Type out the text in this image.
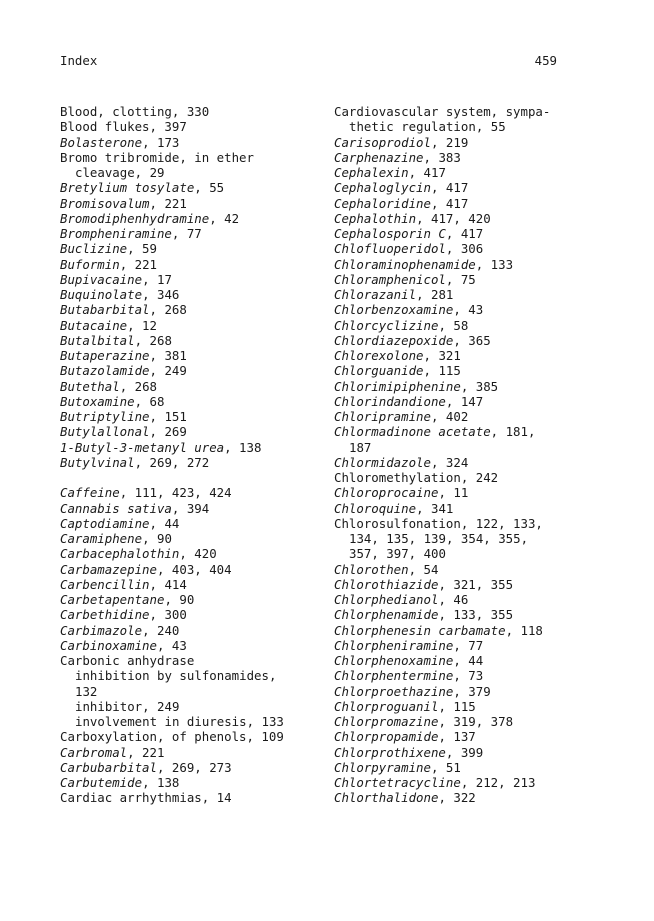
Index	459
Blood, clotting, 330
Blood flukes, 397
Bolasterone, 173
Bromo tribromide, in ether
cleavage, 29
Bretylium tosylate, 55
Bromisovalum, 221
Bromodiphenhydramine, 42
Brompheniramine, 77
Buclizine, 59
Buformin, 221
Bupivacaine, 17
Buquinolate, 346
Butabarbital, 268
Butacaine, 12
Butalbital, 268
Butaperazine, 381
Butazolamide, 249
Butethal, 268
Butoxamine, 68
Butriptyline, 151
Butylallonal, 269
1-Butyl-3-metanyl urea, 138
Butylvinal, 269, 272
Caffeine, 111, 423, 424
Cannabis sativa, 394
Captodiamine, 44
Caramiphene, 90
Carbacephalothin, 420
Carbamazepine, 403, 404
Carbencillin, 414
Carbetapentane, 90
Carbethidine, 300
Carbimazole, 240
Carbinoxamine, 43
Carbonic anhydrase
inhibition by sulfonamides,
132
inhibitor, 249
involvement in diuresis, 133
Carboxylation, of phenols, 109
Carbromal, 221
Carbubarbital, 269, 273
Carbutemide, 138
Cardiac arrhythmias, 14
Cardiovascular system, sympa-
thetic regulation, 55
Carisoprodiol, 219
Carphenazine, 383
Cephalexin, 417
Cephaloglycin, 417
Cephaloridine, 417
Cephalothin, 417, 420
Cephalosporin C, 417
Chlofluoperidol, 306
Chloraminophenamide, 133
Chloramphenicol, 75
Chlorazanil, 281
Chlorbenzoxamine, 43
Chlorcyclizine, 58
Chlordiazepoxide, 365
Chlorexolone, 321
Chlorguanide, 115
Chlorimipiphenine, 385
Chlorindandione, 147
Chloripramine, 402
Chlormadinone acetate, 181,
187
Chlormidazole, 324
Chloromethylation, 242
Chloroprocaine, 11
Chloroquine, 341
Chlorosulfonation, 122, 133,
134, 135, 139, 354, 355,
357, 397, 400
Chlorothen, 54
Chlorothiazide, 321, 355
Chlorphedianol, 46
Chlorphenamide, 133, 355
Chlorphenesin carbamate, 118
Chlorpheniramine, 77
Chlorphenoxamine, 44
Chlorphentermine, 73
Chlorproethazine, 379
Chlorproguanil, 115
Chlorpromazine, 319, 378
Chlorpropamide, 137
Chlorprothixene, 399
Chlorpyramine, 51
Chlortetracycline, 212, 213
Chlorthalidone, 322
